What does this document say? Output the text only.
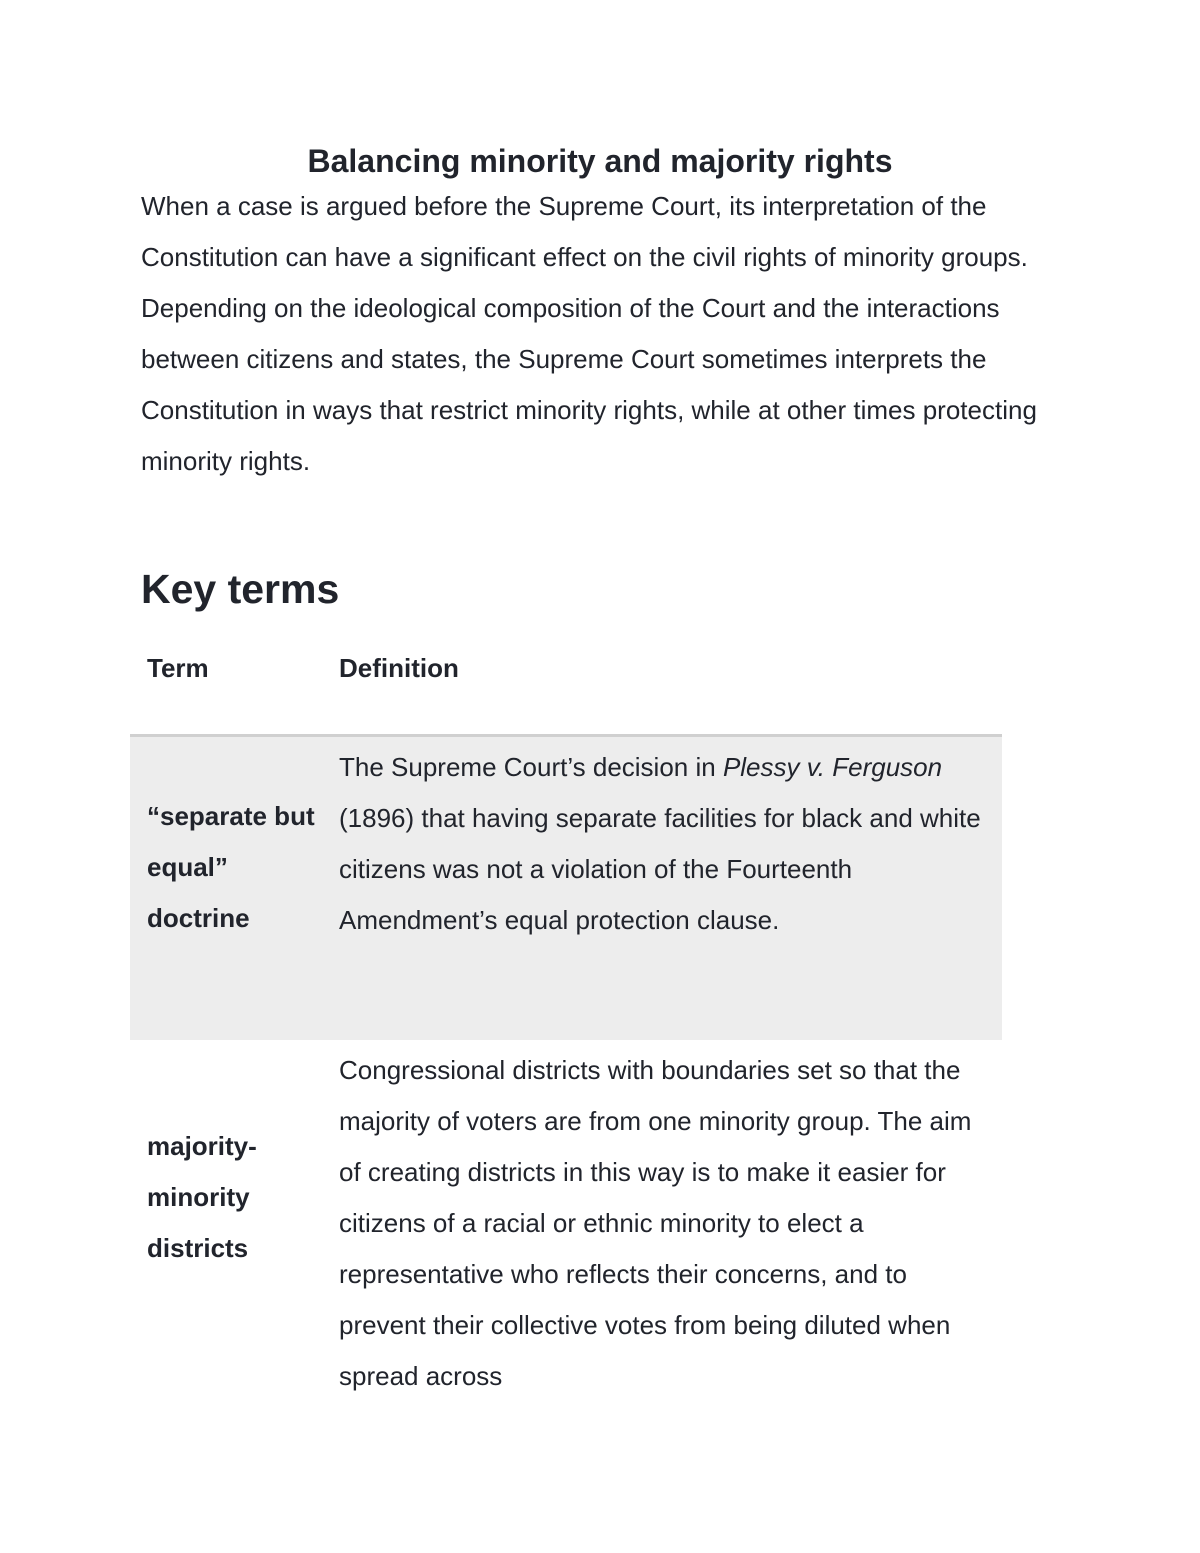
Balancing minority and majority rights

When a case is argued before the Supreme Court, its interpretation of the Constitution can have a significant effect on the civil rights of minority groups. Depending on the ideological composition of the Court and the interactions between citizens and states, the Supreme Court sometimes interprets the Constitution in ways that restrict minority rights, while at other times protecting minority rights.

Key terms
Term	Definition
“separate but equal” doctrine
The Supreme Court’s decision in Plessy v. Ferguson (1896) that having separate facilities for black and white citizens was not a violation of the Fourteenth Amendment’s equal protection clause.
majority-minority districts
Congressional districts with boundaries set so that the majority of voters are from one minority group. The aim of creating districts in this way is to make it easier for citizens of a racial or ethnic minority to elect a representative who reflects their concerns, and to prevent their collective votes from being diluted when spread across
